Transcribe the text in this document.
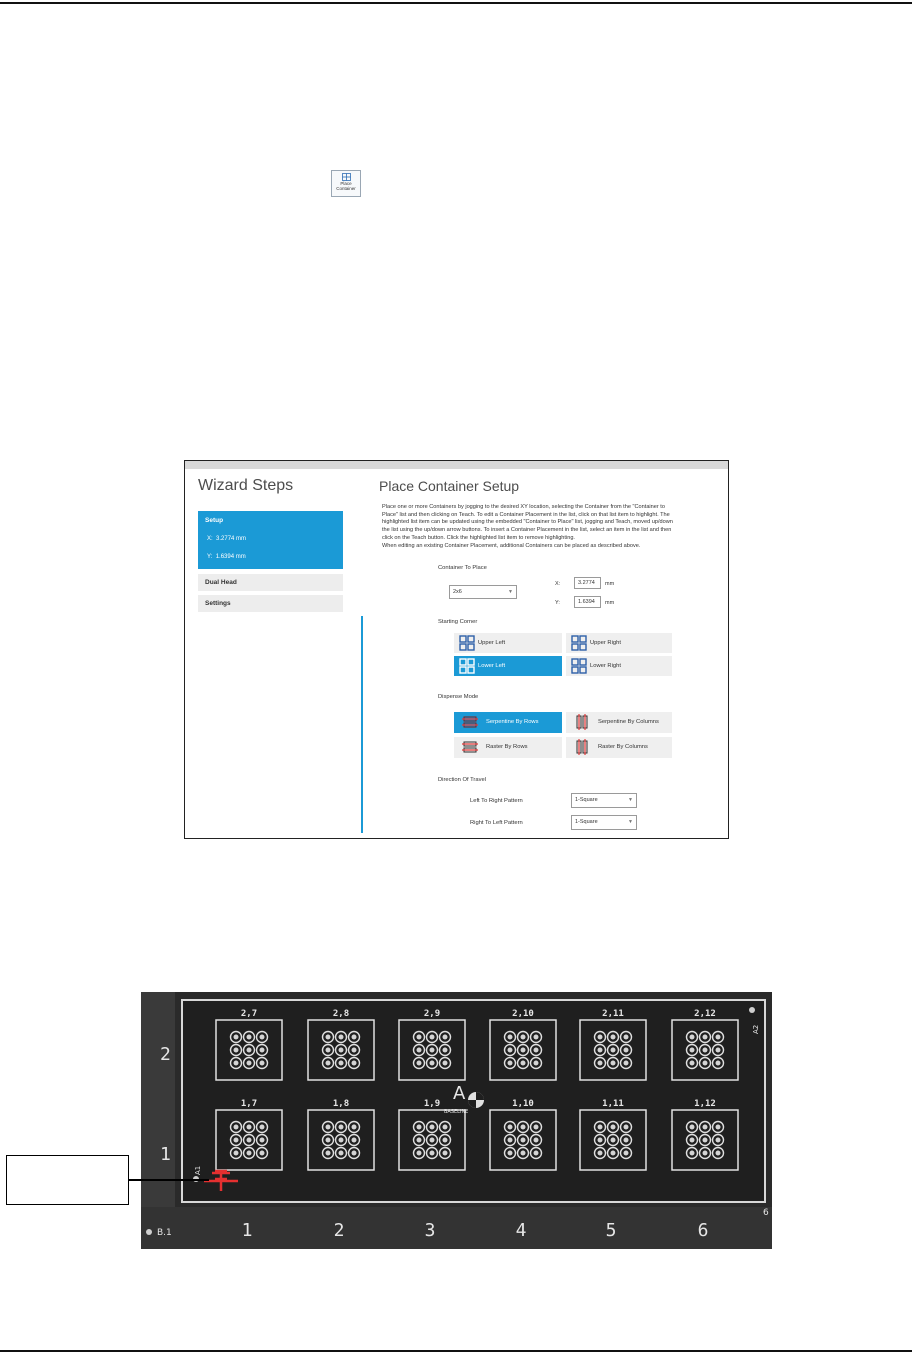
Place
Container
Wizard Steps
Setup
X: 3.2774 mm
Y: 1.6394 mm
Dual Head
Settings
Place Container Setup

Place one or more Containers by jogging to the desired XY location, selecting the Container from the "Container to

Place" list and then clicking on Teach. To edit a Container Placement in the list, click on that list item to highlight. The

highlighted list item can be updated using the embedded "Container to Place" list, jogging and Teach, moved up/down

the list using the up/down arrow buttons. To insert a Container Placement in the list, select an item in the list and then

click on the Teach button. Click the highlighted list item to remove highlighting.

When editing an existing Container Placement, additional Containers can be placed as described above.

Container To Place
2x6	▼
X:	3.2774 mm
Y:	1.6394 mm
Starting Corner
Upper Left	Upper Right
Lower Left	Lower Right
Dispense Mode
Serpentine By Rows	Serpentine By Columns
Raster By Rows	Raster By Columns
Direction Of Travel
Left To Right Pattern	1-Square	▼
Right To Left Pattern	1-Square	▼
2,7	2,8	2,9	2,10	2,11	2,12
1,7	1,8	1,9	1,10	1,11	1,12
2
1
1	2	3	4	5	6
A
BASELINE
A1
A2
B.1
6
